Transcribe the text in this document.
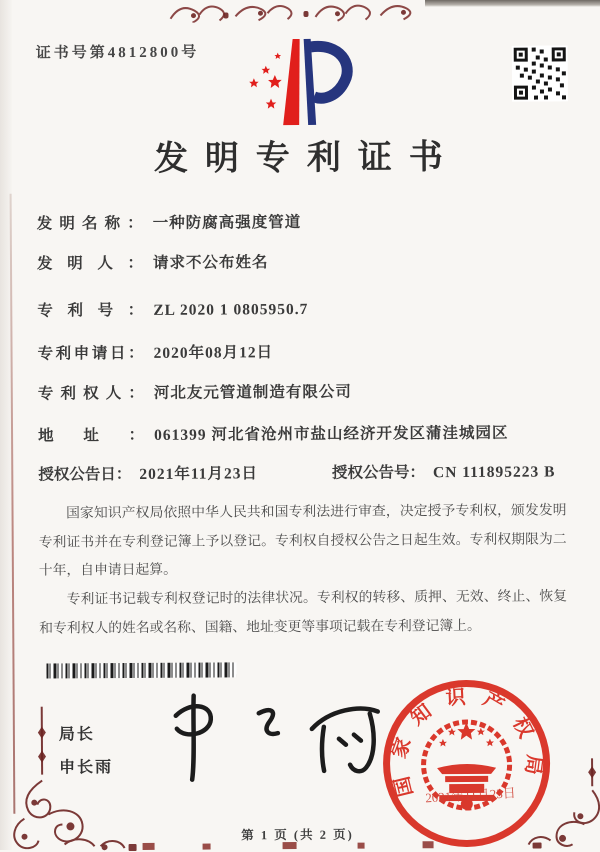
证书号第4812800号
发明专利证书
发明名称： 一种防腐高强度管道
发明人： 请求不公布姓名
专利号： ZL 2020 1 0805950.7
专利申请日： 2020年08月12日
专利权人： 河北友元管道制造有限公司
地址： 061399 河北省沧州市盐山经济开发区蒲洼城园区
授权公告日： 2021年11月23日	授权公告号： CN 111895223 B

国家知识产权局依照中华人民共和国专利法进行审查，决定授予专利权，颁发发明专利证书并在专利登记簿上予以登记。专利权自授权公告之日起生效。专利权期限为二十年，自申请日起算。

专利证书记载专利权登记时的法律状况。专利权的转移、质押、无效、终止、恢复和专利权人的姓名或名称、国籍、地址变更等事项记载在专利登记簿上。

局长
申长雨	国家知识产权局
2021年11月23日
第 1 页 (共 2 页)
